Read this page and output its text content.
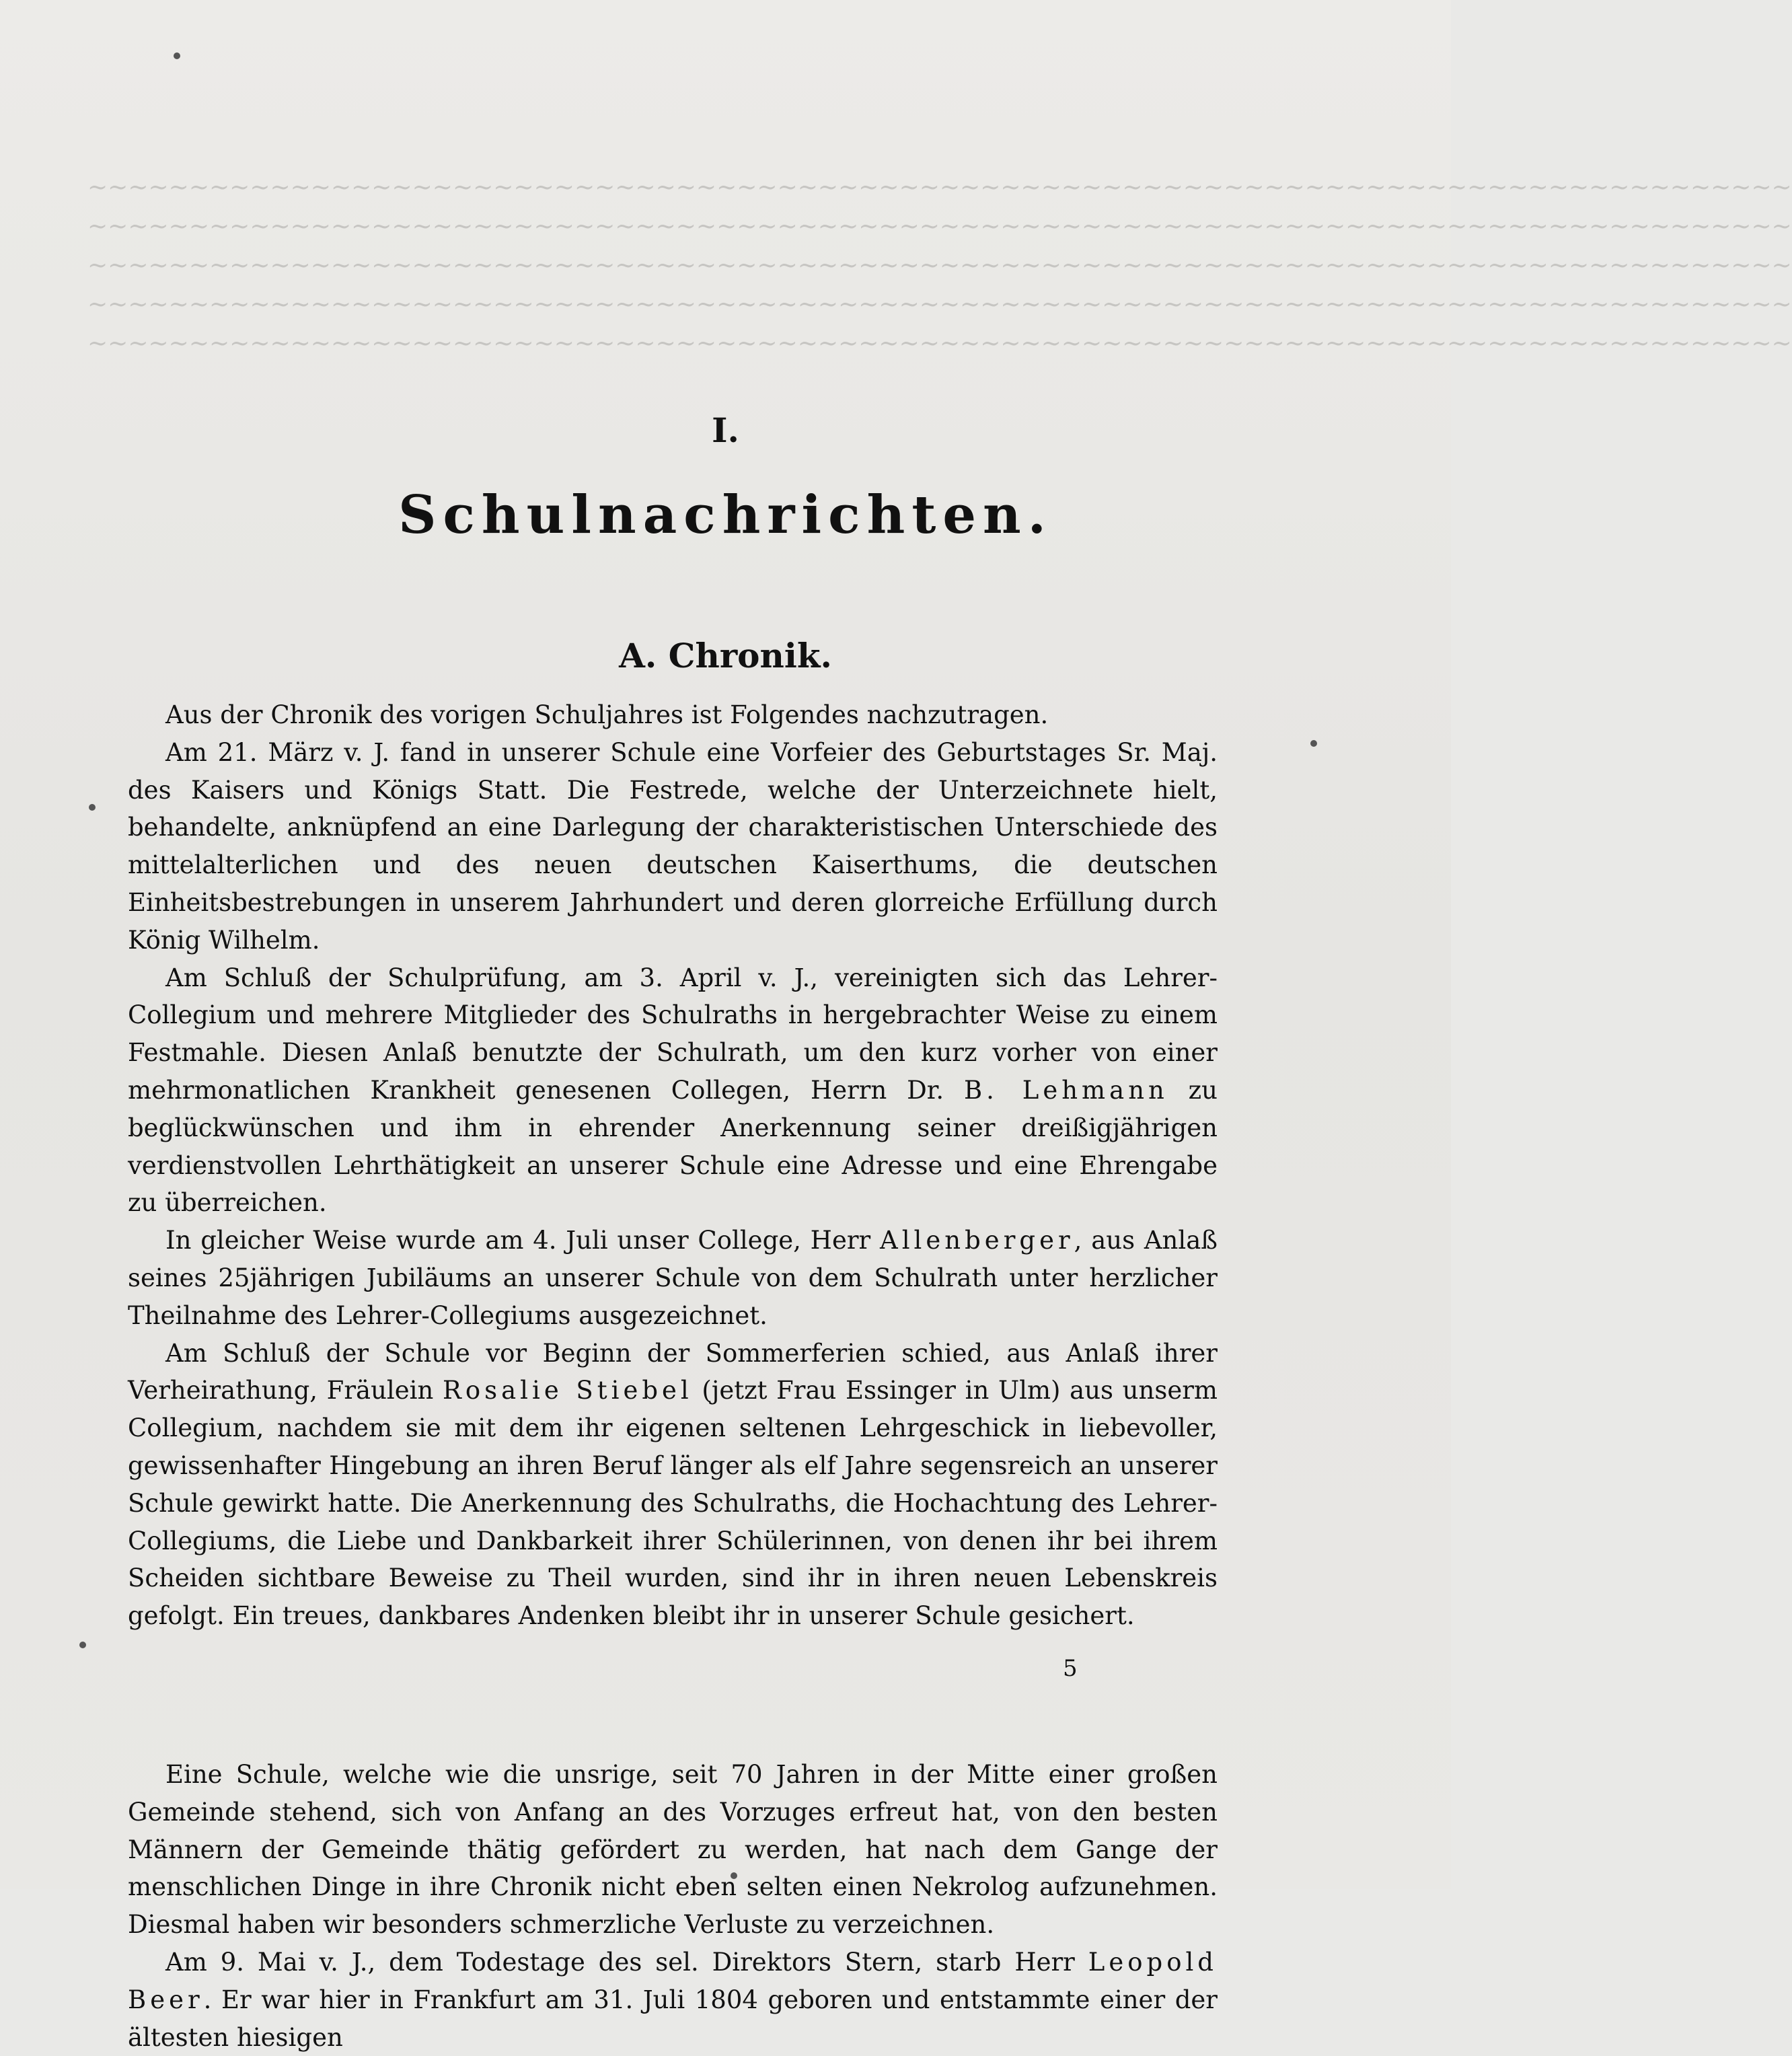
~~~~~~~~~~~~~~~~~~~~~~~~~~~~~~~~~~~~~~~~~~~~~~~~~~~~~~~~~~~~~~~~~~~~~~~~~~~~~~~~~~~~
~~~~~~~~~~~~~~~~~~~~~~~~~~~~~~~~~~~~~~~~~~~~~~~~~~~~~~~~~~~~~~~~~~~~~~~~~~~~~~~~~~~~
~~~~~~~~~~~~~~~~~~~~~~~~~~~~~~~~~~~~~~~~~~~~~~~~~~~~~~~~~~~~~~~~~~~~~~~~~~~~~~~~~~~~
~~~~~~~~~~~~~~~~~~~~~~~~~~~~~~~~~~~~~~~~~~~~~~~~~~~~~~~~~~~~~~~~~~~~~~~~~~~~~~~~~~~~
~~~~~~~~~~~~~~~~~~~~~~~~~~~~~~~~~~~~~~~~~~~~~~~~~~~~~~~~~~~~~~~~~~~~~~~~~~~~~~~~~~~~
I.
Schulnachrichten.
A. Chronik.

Aus der Chronik des vorigen Schuljahres ist Folgendes nachzutragen.

Am 21. März v. J. fand in unserer Schule eine Vorfeier des Geburtstages Sr. Maj. des Kaisers und Königs Statt. Die Festrede, welche der Unterzeichnete hielt, behandelte, anknüpfend an eine Darlegung der charakteristischen Unterschiede des mittelalterlichen und des neuen deutschen Kaiserthums, die deutschen Einheitsbestrebungen in unserem Jahrhundert und deren glorreiche Erfüllung durch König Wilhelm.

Am Schluß der Schulprüfung, am 3. April v. J., vereinigten sich das Lehrer-Collegium und mehrere Mitglieder des Schulraths in hergebrachter Weise zu einem Festmahle. Diesen Anlaß benutzte der Schulrath, um den kurz vorher von einer mehrmonatlichen Krankheit genesenen Collegen, Herrn Dr. B. Lehmann zu beglückwünschen und ihm in ehrender Anerkennung seiner dreißigjährigen verdienstvollen Lehrthätigkeit an unserer Schule eine Adresse und eine Ehrengabe zu überreichen.

In gleicher Weise wurde am 4. Juli unser College, Herr Allenberger, aus Anlaß seines 25jährigen Jubiläums an unserer Schule von dem Schulrath unter herzlicher Theilnahme des Lehrer-Collegiums ausgezeichnet.

Am Schluß der Schule vor Beginn der Sommerferien schied, aus Anlaß ihrer Verheirathung, Fräulein Rosalie Stiebel (jetzt Frau Essinger in Ulm) aus unserm Collegium, nachdem sie mit dem ihr eigenen seltenen Lehrgeschick in liebevoller, gewissenhafter Hingebung an ihren Beruf länger als elf Jahre segensreich an unserer Schule gewirkt hatte. Die Anerkennung des Schulraths, die Hochachtung des Lehrer-Collegiums, die Liebe und Dankbarkeit ihrer Schülerinnen, von denen ihr bei ihrem Scheiden sichtbare Beweise zu Theil wurden, sind ihr in ihren neuen Lebenskreis gefolgt. Ein treues, dankbares Andenken bleibt ihr in unserer Schule gesichert.

Eine Schule, welche wie die unsrige, seit 70 Jahren in der Mitte einer großen Gemeinde stehend, sich von Anfang an des Vorzuges erfreut hat, von den besten Männern der Gemeinde thätig gefördert zu werden, hat nach dem Gange der menschlichen Dinge in ihre Chronik nicht eben selten einen Nekrolog aufzunehmen. Diesmal haben wir besonders schmerzliche Verluste zu verzeichnen.

Am 9. Mai v. J., dem Todestage des sel. Direktors Stern, starb Herr Leopold Beer. Er war hier in Frankfurt am 31. Juli 1804 geboren und entstammte einer der ältesten hiesigen

5
